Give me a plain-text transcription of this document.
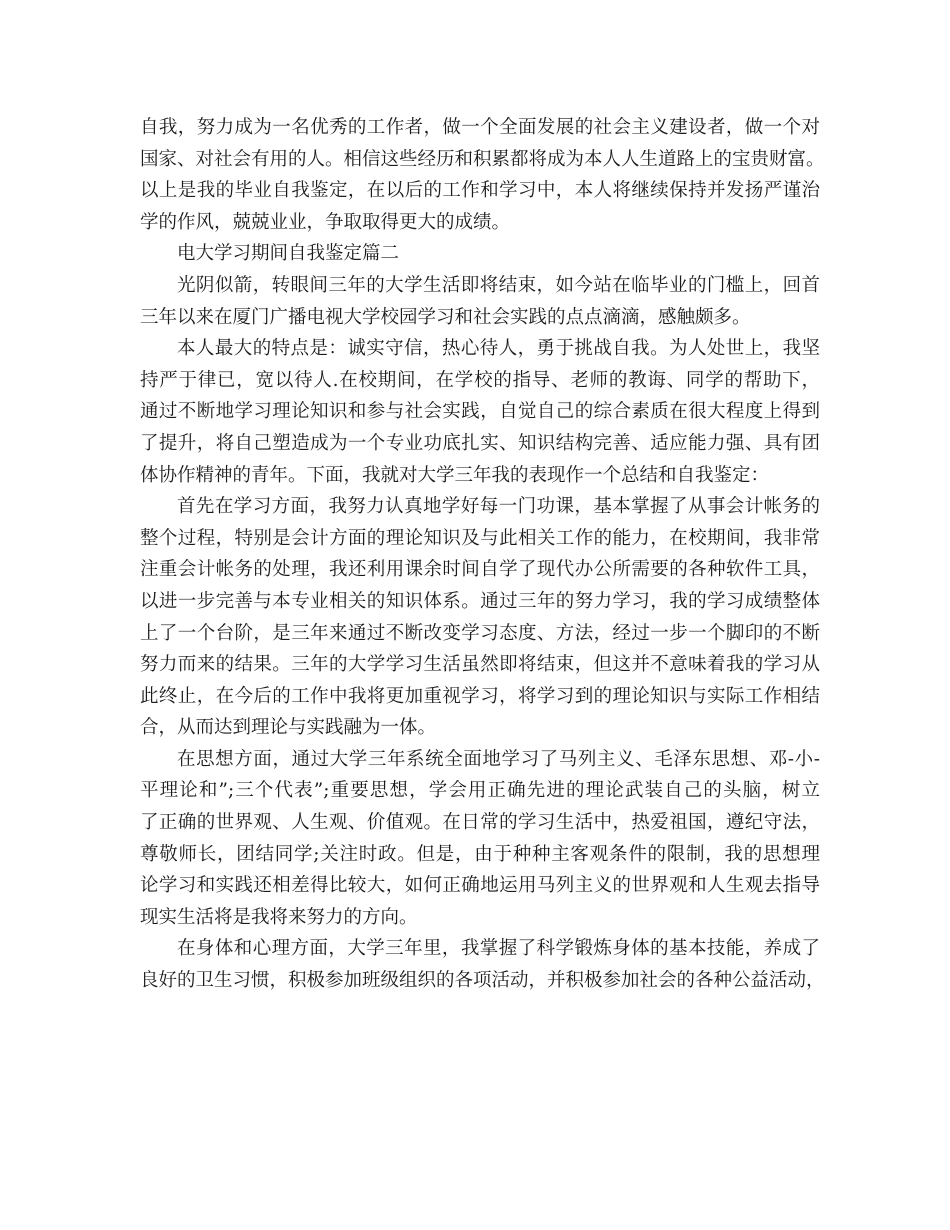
自我，努力成为一名优秀的工作者，做一个全面发展的社会主义建设者，做一个对
国家、对社会有用的人。相信这些经历和积累都将成为本人人生道路上的宝贵财富。
以上是我的毕业自我鉴定，在以后的工作和学习中，本人将继续保持并发扬严谨治
学的作风，兢兢业业，争取取得更大的成绩。
电大学习期间自我鉴定篇二
光阴似箭，转眼间三年的大学生活即将结束，如今站在临毕业的门槛上，回首
三年以来在厦门广播电视大学校园学习和社会实践的点点滴滴，感触颇多。
本人最大的特点是：诚实守信，热心待人，勇于挑战自我。为人处世上，我坚
持严于律已，宽以待人.在校期间，在学校的指导、老师的教诲、同学的帮助下，
通过不断地学习理论知识和参与社会实践，自觉自己的综合素质在很大程度上得到
了提升，将自己塑造成为一个专业功底扎实、知识结构完善、适应能力强、具有团
体协作精神的青年。下面，我就对大学三年我的表现作一个总结和自我鉴定：
首先在学习方面，我努力认真地学好每一门功课，基本掌握了从事会计帐务的
整个过程，特别是会计方面的理论知识及与此相关工作的能力，在校期间，我非常
注重会计帐务的处理，我还利用课余时间自学了现代办公所需要的各种软件工具，
以进一步完善与本专业相关的知识体系。通过三年的努力学习，我的学习成绩整体
上了一个台阶，是三年来通过不断改变学习态度、方法，经过一步一个脚印的不断
努力而来的结果。三年的大学学习生活虽然即将结束，但这并不意味着我的学习从
此终止，在今后的工作中我将更加重视学习，将学习到的理论知识与实际工作相结
合，从而达到理论与实践融为一体。
在思想方面，通过大学三年系统全面地学习了马列主义、毛泽东思想、邓-小-
平理论和”;三个代表”;重要思想，学会用正确先进的理论武装自己的头脑，树立
了正确的世界观、人生观、价值观。在日常的学习生活中，热爱祖国，遵纪守法，
尊敬师长，团结同学;关注时政。但是，由于种种主客观条件的限制，我的思想理
论学习和实践还相差得比较大，如何正确地运用马列主义的世界观和人生观去指导
现实生活将是我将来努力的方向。
在身体和心理方面，大学三年里，我掌握了科学锻炼身体的基本技能，养成了
良好的卫生习惯，积极参加班级组织的各项活动，并积极参加社会的各种公益活动，
